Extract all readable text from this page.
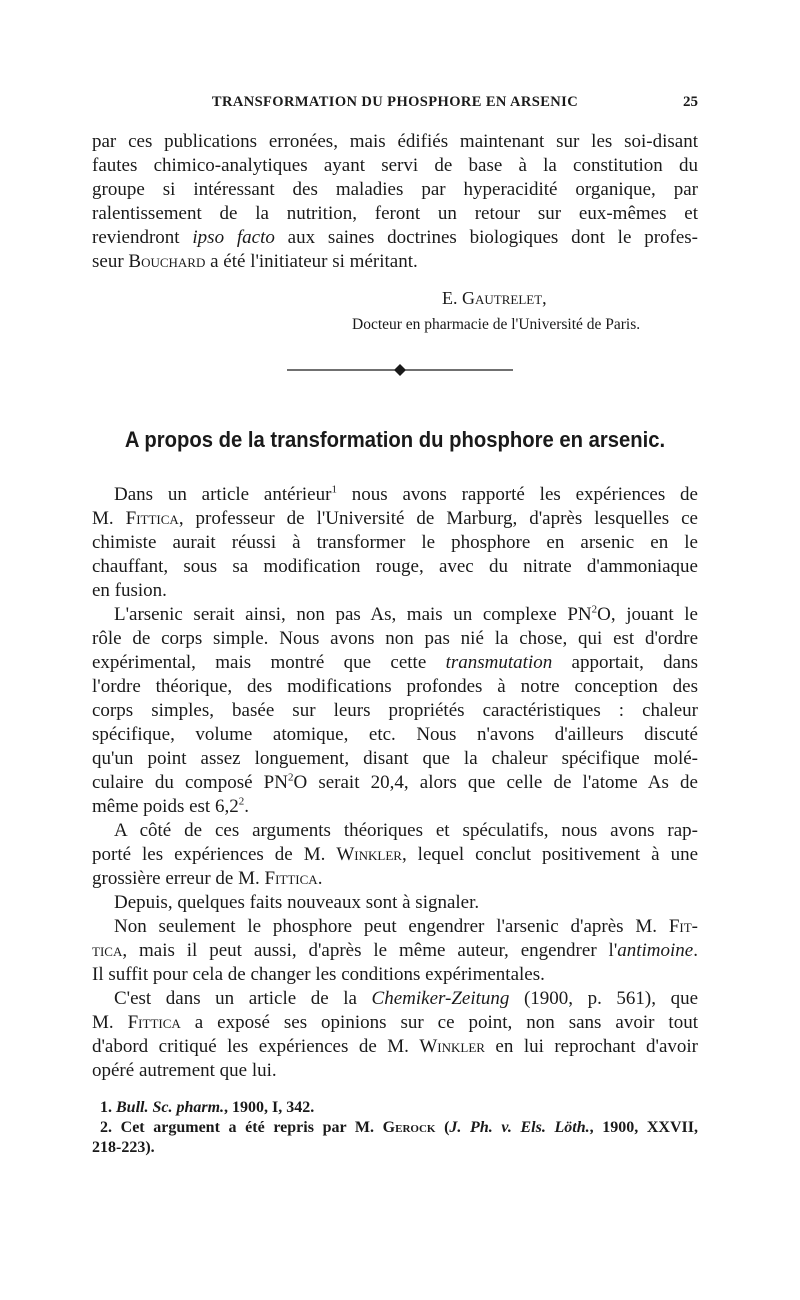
TRANSFORMATION DU PHOSPHORE EN ARSENIC	25
par ces publications erronées, mais édifiés maintenant sur les soi-disant
fautes chimico-analytiques ayant servi de base à la constitution du
groupe si intéressant des maladies par hyperacidité organique, par
ralentissement de la nutrition, feront un retour sur eux-mêmes et
reviendront ipso facto aux saines doctrines biologiques dont le profes-
seur Bouchard a été l'initiateur si méritant.
E. Gautrelet,
Docteur en pharmacie de l'Université de Paris.
A propos de la transformation du phosphore en arsenic.
Dans un article antérieur$^1$ nous avons rapporté les expériences de
M. Fittica, professeur de l'Université de Marburg, d'après lesquelles ce
chimiste aurait réussi à transformer le phosphore en arsenic en le
chauffant, sous sa modification rouge, avec du nitrate d'ammoniaque
en fusion.
L'arsenic serait ainsi, non pas As, mais un complexe $PN^2O$, jouant le
rôle de corps simple. Nous avons non pas nié la chose, qui est d'ordre
expérimental, mais montré que cette transmutation apportait, dans
l'ordre théorique, des modifications profondes à notre conception des
corps simples, basée sur leurs propriétés caractéristiques : chaleur
spécifique, volume atomique, etc. Nous n'avons d'ailleurs discuté
qu'un point assez longuement, disant que la chaleur spécifique molé-
culaire du composé $PN^2O$ serait 20,4, alors que celle de l'atome As de
même poids est $6,2^2$.
A côté de ces arguments théoriques et spéculatifs, nous avons rap-
porté les expériences de M. Winkler, lequel conclut positivement à une
grossière erreur de M. Fittica.
Depuis, quelques faits nouveaux sont à signaler.
Non seulement le phosphore peut engendrer l'arsenic d'après M. Fit-
tica, mais il peut aussi, d'après le même auteur, engendrer l'antimoine.
Il suffit pour cela de changer les conditions expérimentales.
C'est dans un article de la Chemiker-Zeitung (1900, p. 561), que
M. Fittica a exposé ses opinions sur ce point, non sans avoir tout
d'abord critiqué les expériences de M. Winkler en lui reprochant d'avoir
opéré autrement que lui.
1. Bull. Sc. pharm., 1900, I, 342.
2. Cet argument a été repris par M. Gerock (J. Ph. v. Els. Löth., 1900, XXVII,
218-223).
